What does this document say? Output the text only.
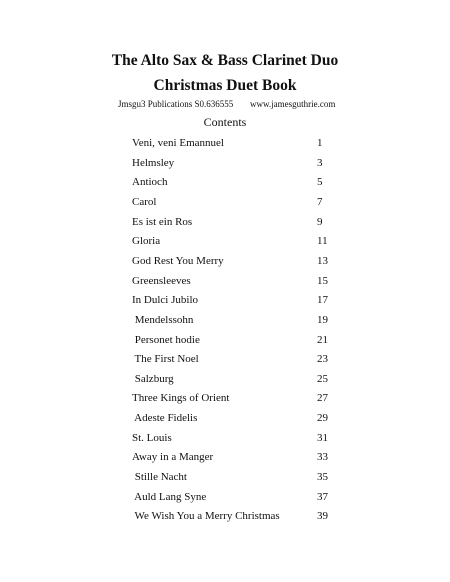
The Alto Sax & Bass Clarinet Duo
Christmas Duet Book
Jmsgu3 Publications S0.636555 www.jamesguthrie.com
Contents
Veni, veni Emannuel	1
Helmsley	3
Antioch	5
Carol	7
Es ist ein Ros	9
Gloria	11
God Rest You Merry	13
Greensleeves	15
In Dulci Jubilo	17
Mendelssohn	19
Personet hodie	21
The First Noel	23
Salzburg	25
Three Kings of Orient	27
Adeste Fidelis	29
St. Louis	31
Away in a Manger	33
Stille Nacht	35
Auld Lang Syne	37
We Wish You a Merry Christmas	39
